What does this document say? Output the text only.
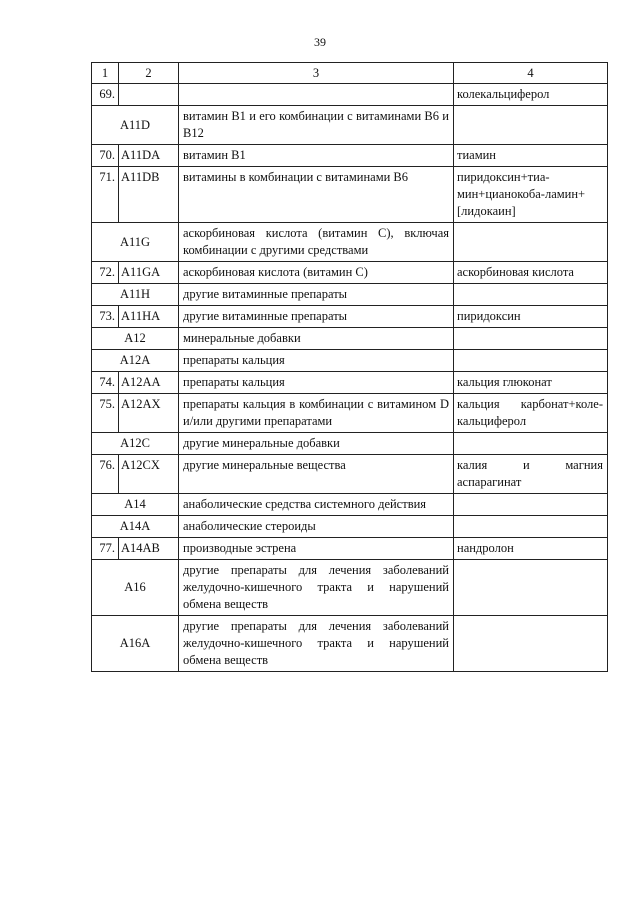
39
1	2	3	4
69.			колекальциферол
A11D		витамин B1 и его комбинации с витаминами B6 и B12	
70.	A11DA	витамин B1	тиамин
71.	A11DB	витамины в комбинации с витаминами B6	пиридоксин+тиа-мин+цианокоба-ламин+[лидокаин]
A11G		аскорбиновая кислота (витамин C), включая комбинации с другими средствами	
72.	A11GA	аскорбиновая кислота (витамин C)	аскорбиновая кислота
A11H		другие витаминные препараты	
73.	A11HA	другие витаминные препараты	пиридоксин
A12		минеральные добавки	
A12A		препараты кальция	
74.	A12AA	препараты кальция	кальция глюконат
75.	A12AX	препараты кальция в комбинации с витамином D и/или другими препаратами	кальция карбонат+коле-кальциферол
A12C		другие минеральные добавки	
76.	A12CX	другие минеральные вещества	калия и магния аспарагинат
A14		анаболические средства системного действия	
A14A		анаболические стероиды	
77.	A14AB	производные эстрена	нандролон
A16		другие препараты для лечения заболеваний желудочно-кишечного тракта и нарушений обмена веществ	
A16A		другие препараты для лечения заболеваний желудочно-кишечного тракта и нарушений обмена веществ	
